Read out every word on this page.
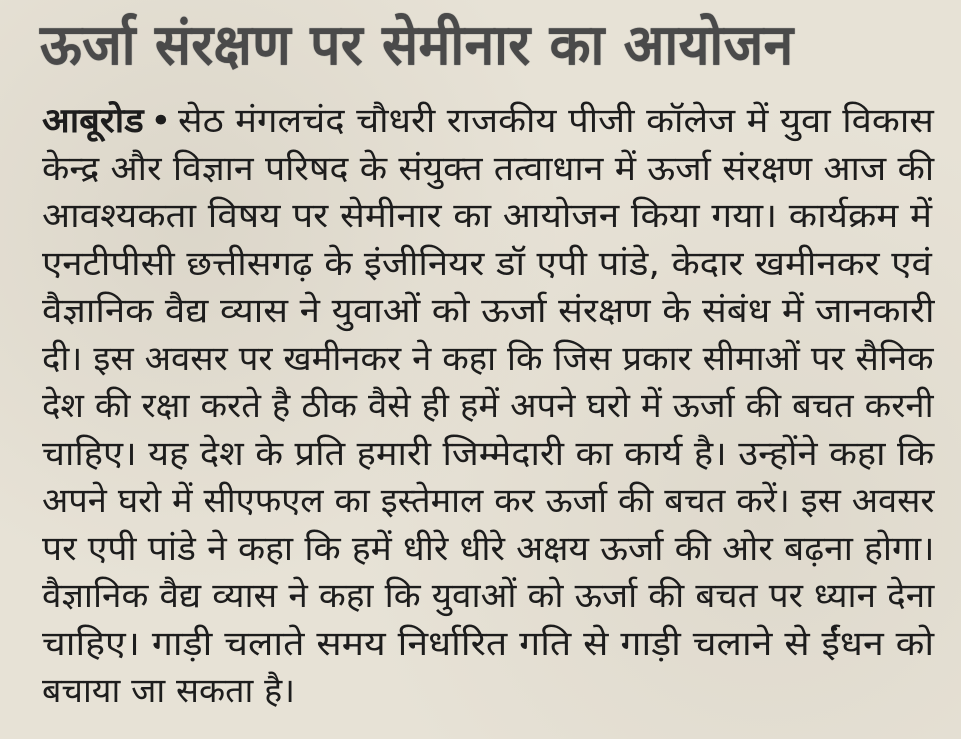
ऊर्जा संरक्षण पर सेमीनार का आयोजन
आबूरोड • सेठ मंगलचंद चौधरी राजकीय पीजी कॉलेज में युवा विकास
केन्द्र और विज्ञान परिषद के संयुक्त तत्वाधान में ऊर्जा संरक्षण आज की
आवश्यकता विषय पर सेमीनार का आयोजन किया गया। कार्यक्रम में
एनटीपीसी छत्तीसगढ़ के इंजीनियर डॉ एपी पांडे, केदार खमीनकर एवं
वैज्ञानिक वैद्य व्यास ने युवाओं को ऊर्जा संरक्षण के संबंध में जानकारी
दी। इस अवसर पर खमीनकर ने कहा कि जिस प्रकार सीमाओं पर सैनिक
देश की रक्षा करते है ठीक वैसे ही हमें अपने घरो में ऊर्जा की बचत करनी
चाहिए। यह देश के प्रति हमारी जिम्मेदारी का कार्य है। उन्होंने कहा कि
अपने घरो में सीएफएल का इस्तेमाल कर ऊर्जा की बचत करें। इस अवसर
पर एपी पांडे ने कहा कि हमें धीरे धीरे अक्षय ऊर्जा की ओर बढ़ना होगा।
वैज्ञानिक वैद्य व्यास ने कहा कि युवाओं को ऊर्जा की बचत पर ध्यान देना
चाहिए। गाड़ी चलाते समय निर्धारित गति से गाड़ी चलाने से ईंधन को
बचाया जा सकता है।
